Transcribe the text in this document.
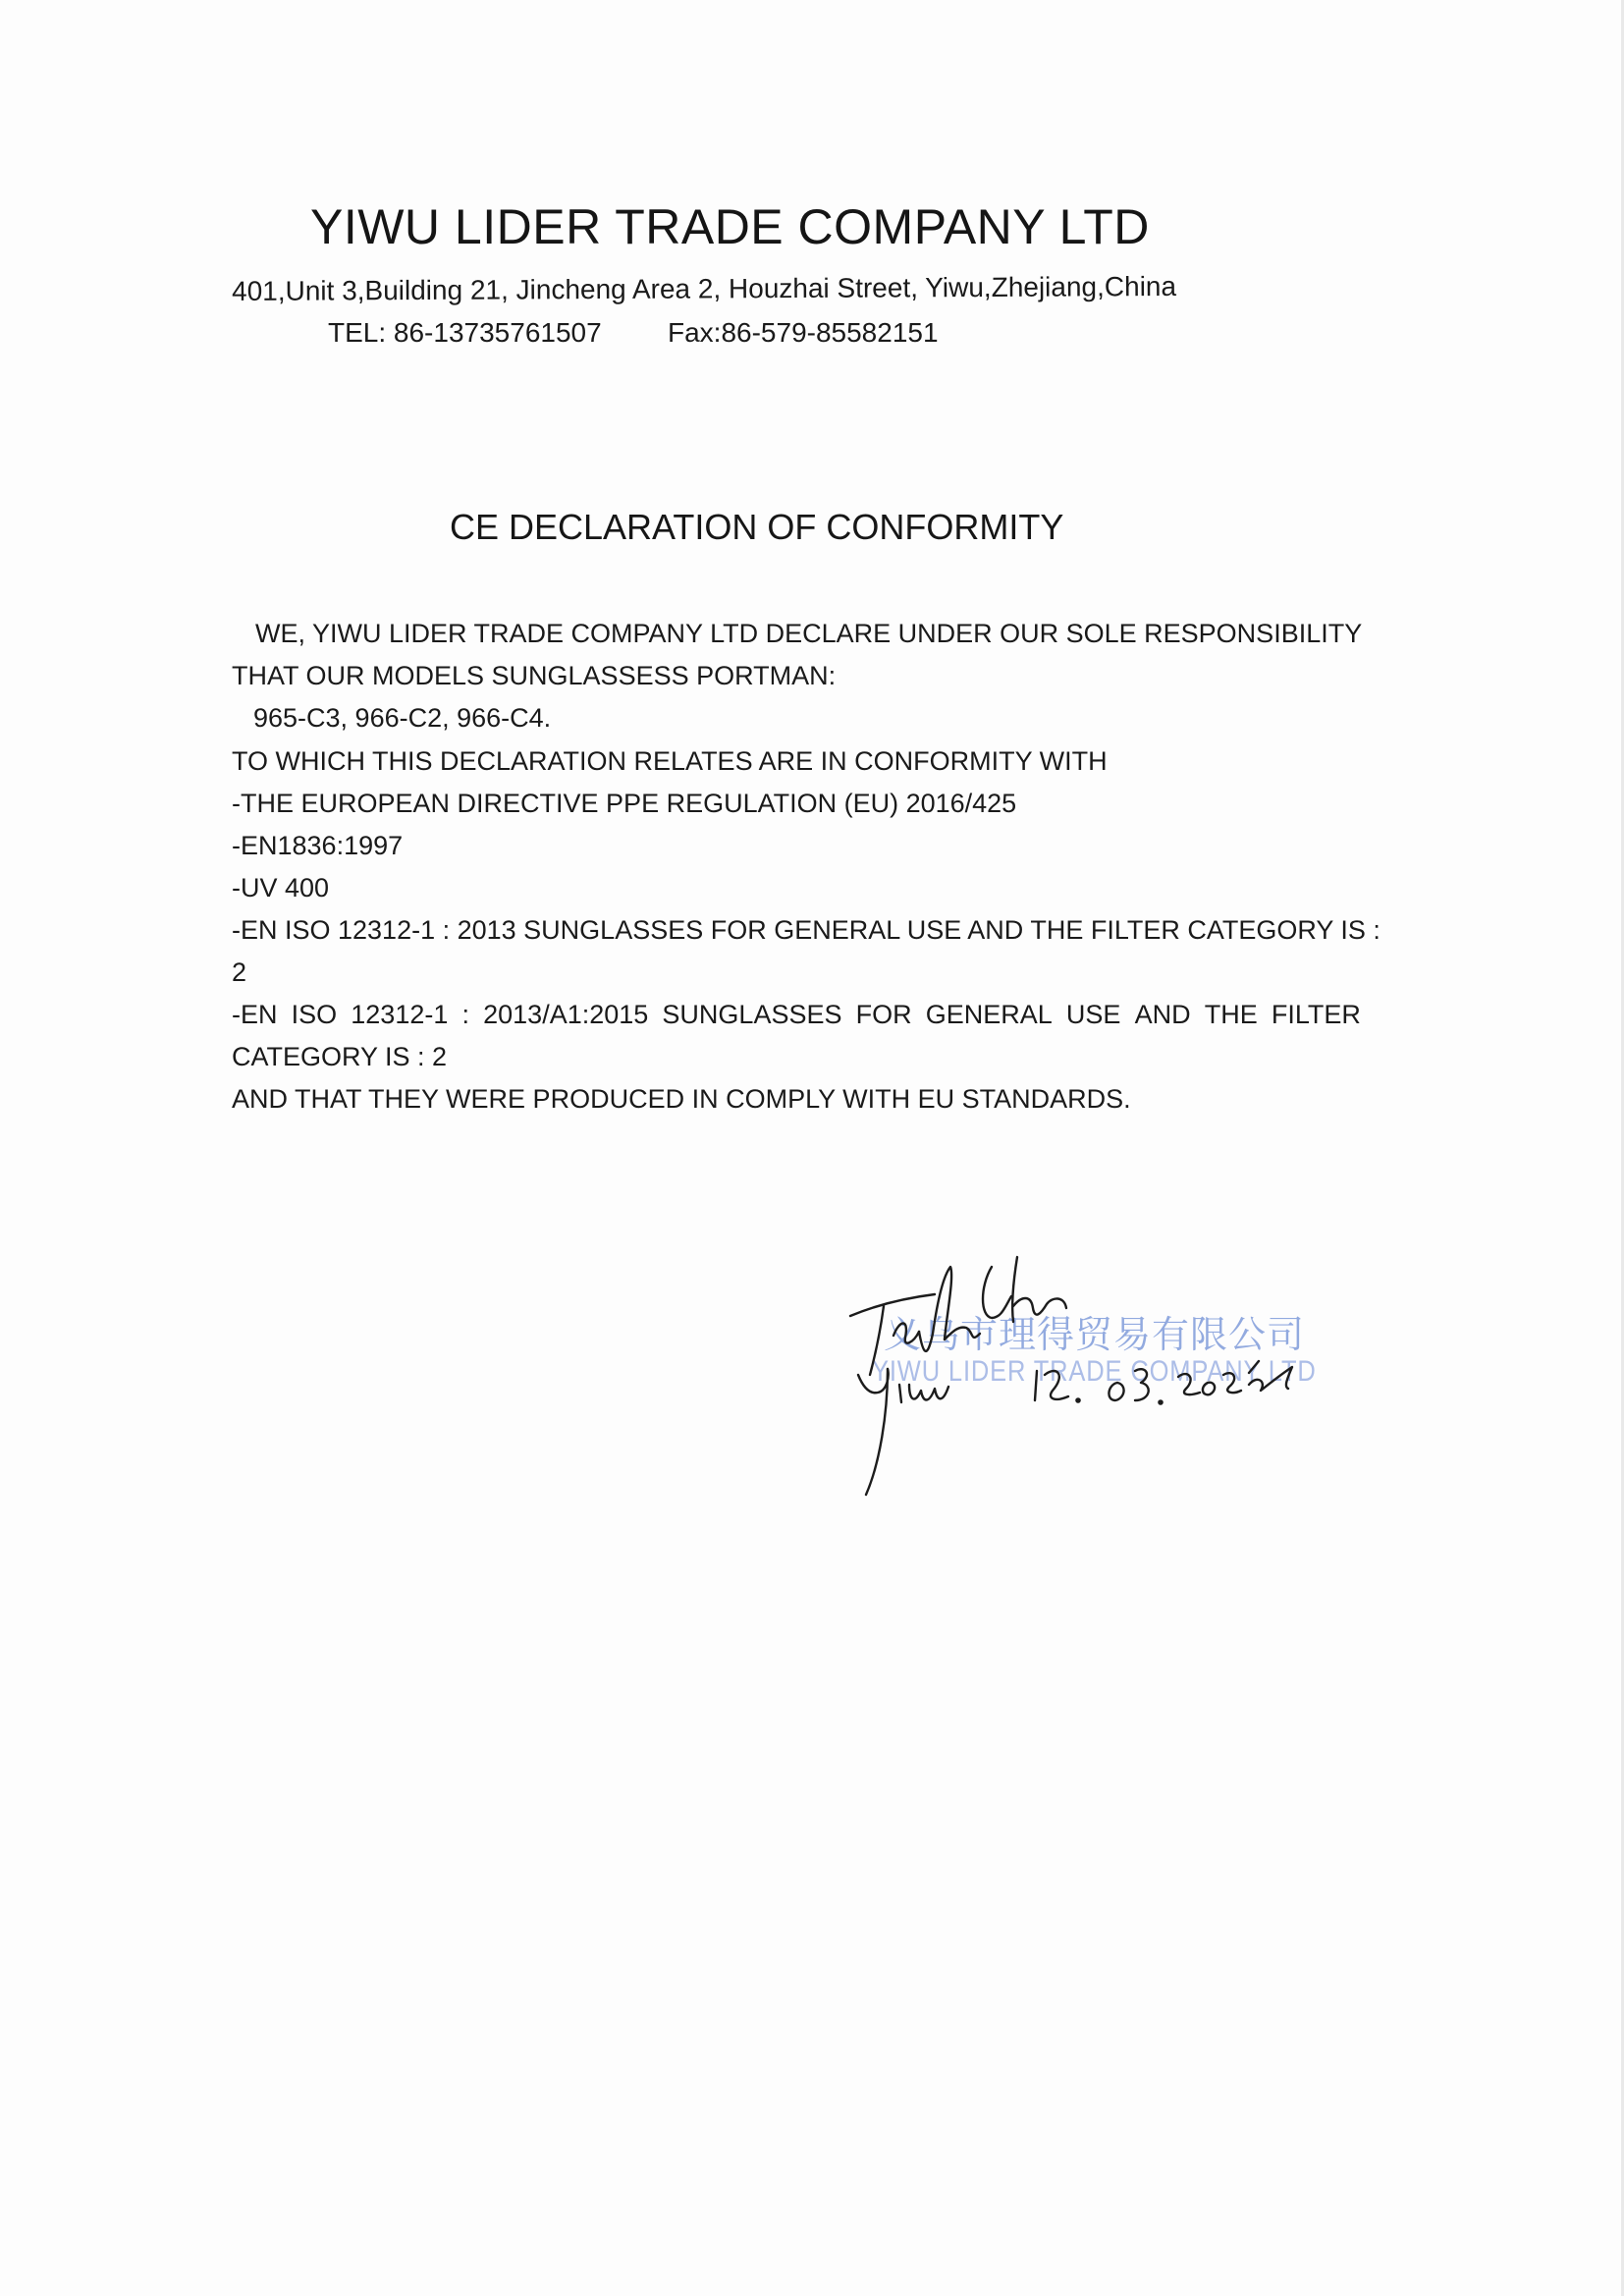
YIWU LIDER TRADE COMPANY LTD
401,Unit 3,Building 21, Jincheng Area 2, Houzhai Street, Yiwu,Zhejiang,China
TEL: 86-13735761507 Fax:86-579-85582151
CE DECLARATION OF CONFORMITY
WE, YIWU LIDER TRADE COMPANY LTD DECLARE UNDER OUR SOLE RESPONSIBILITY
THAT OUR MODELS SUNGLASSESS PORTMAN:
965-C3, 966-C2, 966-C4.
TO WHICH THIS DECLARATION RELATES ARE IN CONFORMITY WITH
-THE EUROPEAN DIRECTIVE PPE REGULATION (EU) 2016/425
-EN1836:1997
-UV 400
-EN ISO 12312-1 : 2013 SUNGLASSES FOR GENERAL USE AND THE FILTER CATEGORY IS :
2
-EN ISO 12312-1 : 2013/A1:2015 SUNGLASSES FOR GENERAL USE AND THE FILTER
CATEGORY IS : 2
AND THAT THEY WERE PRODUCED IN COMPLY WITH EU STANDARDS.
义乌市理得贸易有限公司
YIWU LIDER TRADE COMPANY LTD
